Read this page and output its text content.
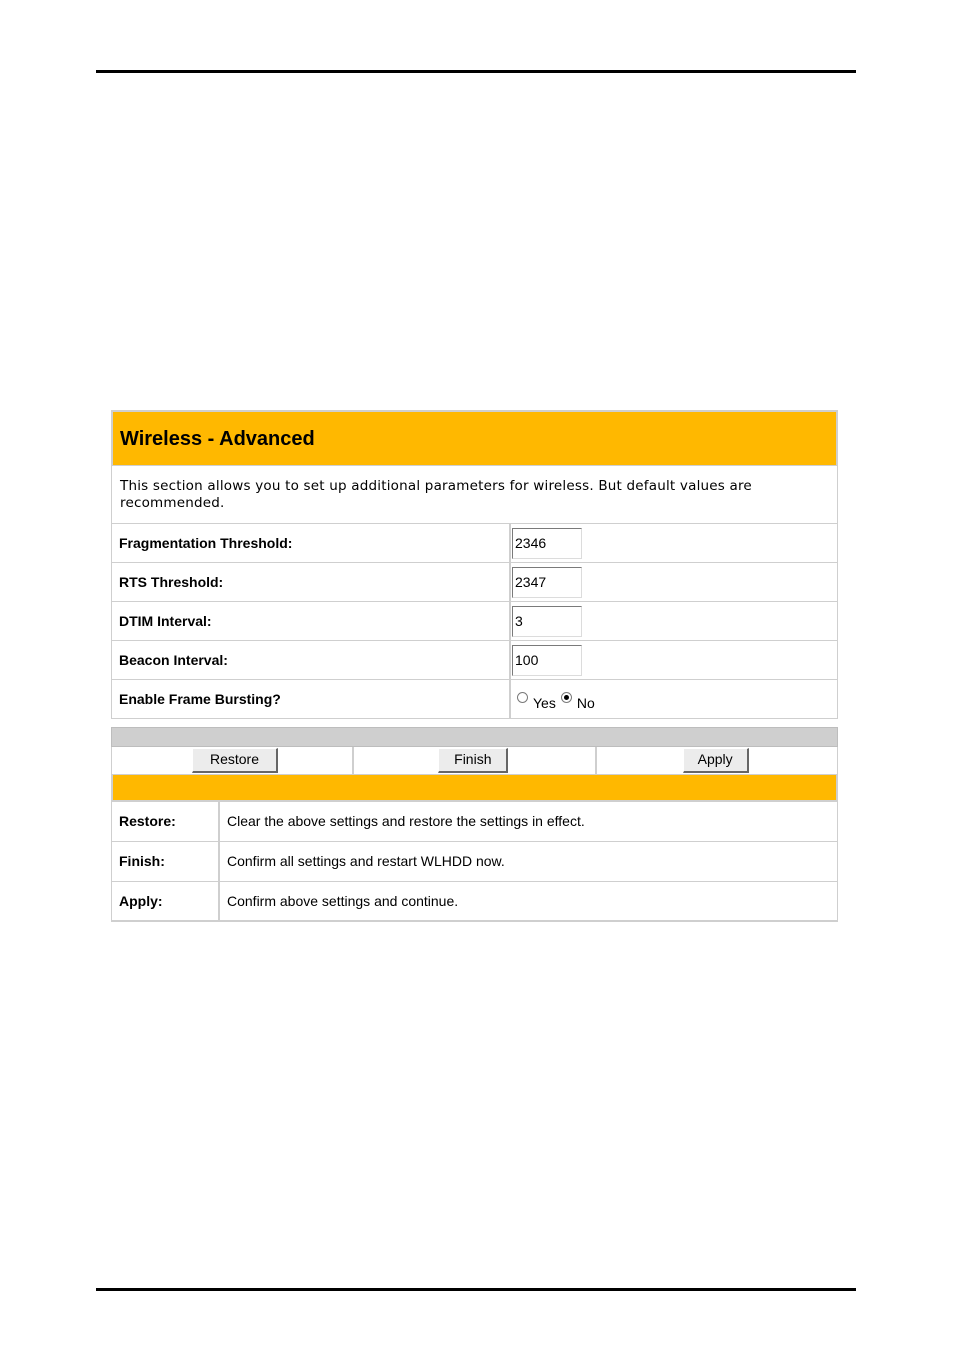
Wireless - Advanced
This section allows you to set up additional parameters for wireless. But default values are recommended.
Fragmentation Threshold:	2346
RTS Threshold:	2347
DTIM Interval:	3
Beacon Interval:	100
Enable Frame Bursting?	Yes No
Restore	Finish	Apply
Restore:	Clear the above settings and restore the settings in effect.
Finish:	Confirm all settings and restart WLHDD now.
Apply:	Confirm above settings and continue.
